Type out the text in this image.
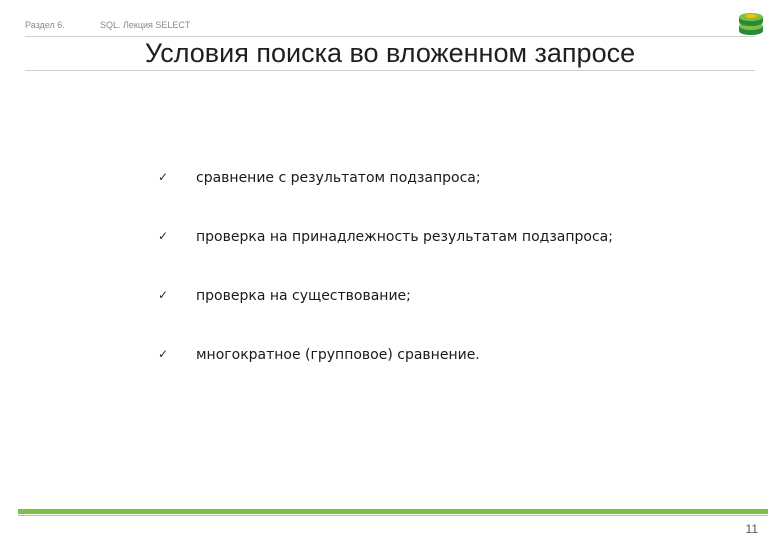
Раздел 6.	SQL. Лекция SELECT
Условия поиска во вложенном запросе
✓ сравнение с результатом подзапроса;
✓ проверка на принадлежность результатам подзапроса;
✓ проверка на существование;
✓ многократное (групповое) сравнение.
11
